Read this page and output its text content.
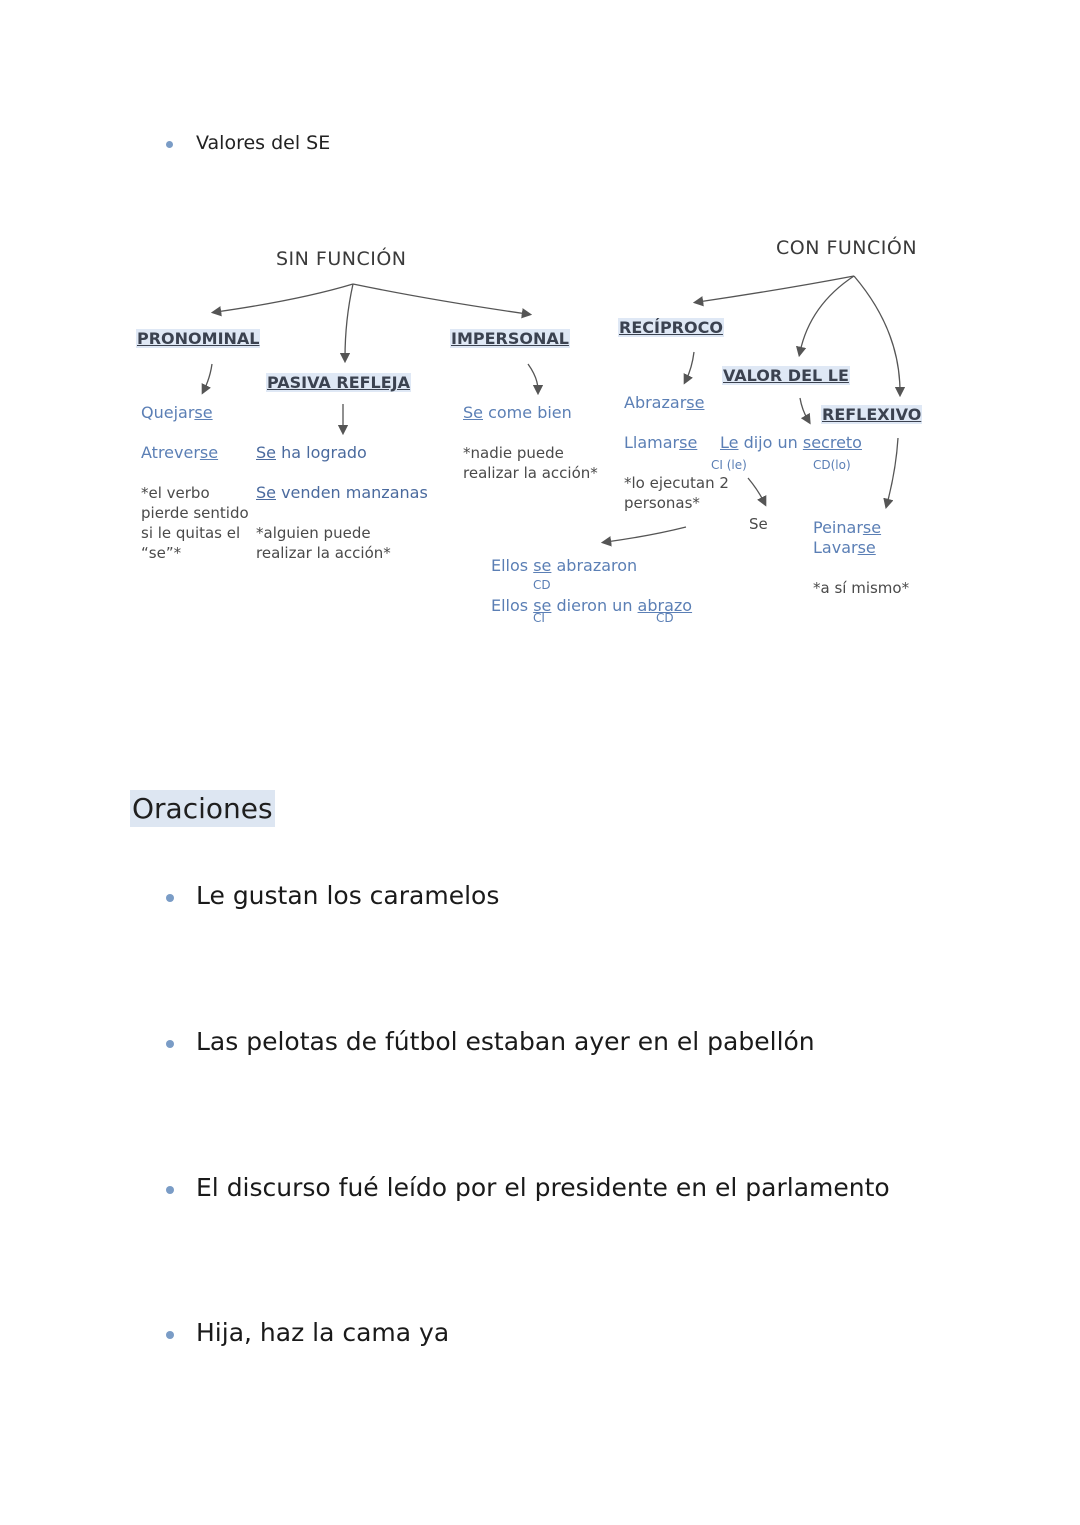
Valores del SE
SIN FUNCIÓN
PRONOMINAL
Quejarse
Atreverse
*el verbo
pierde sentido
si le quitas el
“se”*
PASIVA REFLEJA
Se ha logrado
Se venden manzanas
*alguien puede
realizar la acción*
IMPERSONAL
Se come bien
*nadie puede
realizar la acción*
CON FUNCIÓN
RECÍPROCO
Abrazarse
Llamarse
*lo ejecutan 2
personas*
Ellos se abrazaron
CD
Ellos se dieron un abrazo
CI	CD
VALOR DEL LE
Le dijo un secreto
CI (le)	CD(lo)
Se
REFLEXIVO
Peinarse
Lavarse
*a sí mismo*
Oraciones
Le gustan los caramelos
Las pelotas de fútbol estaban ayer en el pabellón
El discurso fué leído por el presidente en el parlamento
Hija, haz la cama ya
